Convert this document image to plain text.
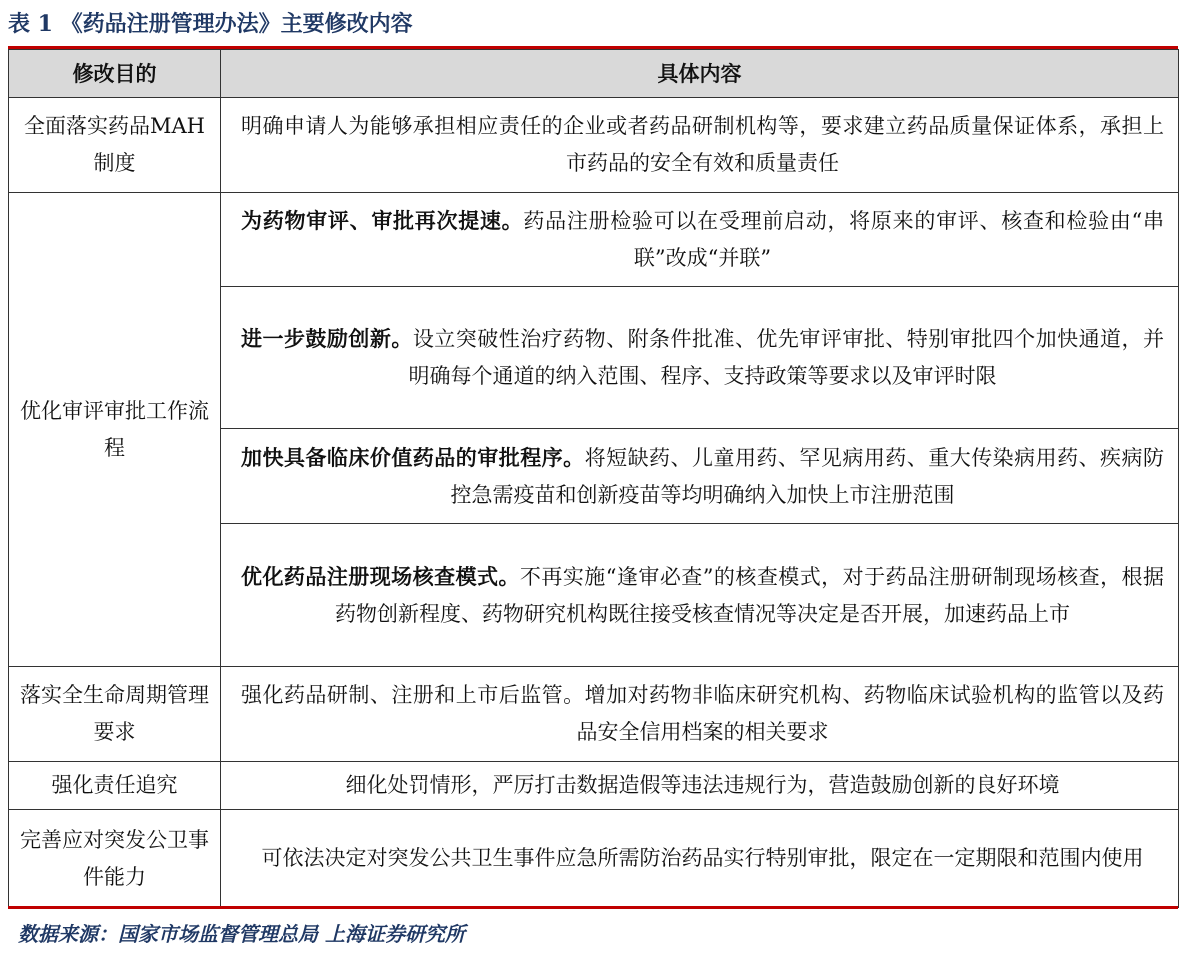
表 1 《药品注册管理办法》主要修改内容
修改目的	具体内容
全面落实药品MAH 制度	明确申请人为能够承担相应责任的企业或者药品研制机构等，要求建立药品质量保证体系，承担上市药品的安全有效和质量责任
优化审评审批工作流程	为药物审评、审批再次提速。药品注册检验可以在受理前启动，将原来的审评、核查和检验由“串联”改成“并联”
	进一步鼓励创新。设立突破性治疗药物、附条件批准、优先审评审批、特别审批四个加快通道，并明确每个通道的纳入范围、程序、支持政策等要求以及审评时限
	加快具备临床价值药品的审批程序。将短缺药、儿童用药、罕见病用药、重大传染病用药、疾病防控急需疫苗和创新疫苗等均明确纳入加快上市注册范围
	优化药品注册现场核查模式。不再实施“逢审必查”的核查模式，对于药品注册研制现场核查，根据药物创新程度、药物研究机构既往接受核查情况等决定是否开展，加速药品上市
落实全生命周期管理要求	强化药品研制、注册和上市后监管。增加对药物非临床研究机构、药物临床试验机构的监管以及药品安全信用档案的相关要求
强化责任追究	细化处罚情形，严厉打击数据造假等违法违规行为，营造鼓励创新的良好环境
完善应对突发公卫事件能力	可依法决定对突发公共卫生事件应急所需防治药品实行特别审批，限定在一定期限和范围内使用
数据来源：国家市场监督管理总局 上海证券研究所
